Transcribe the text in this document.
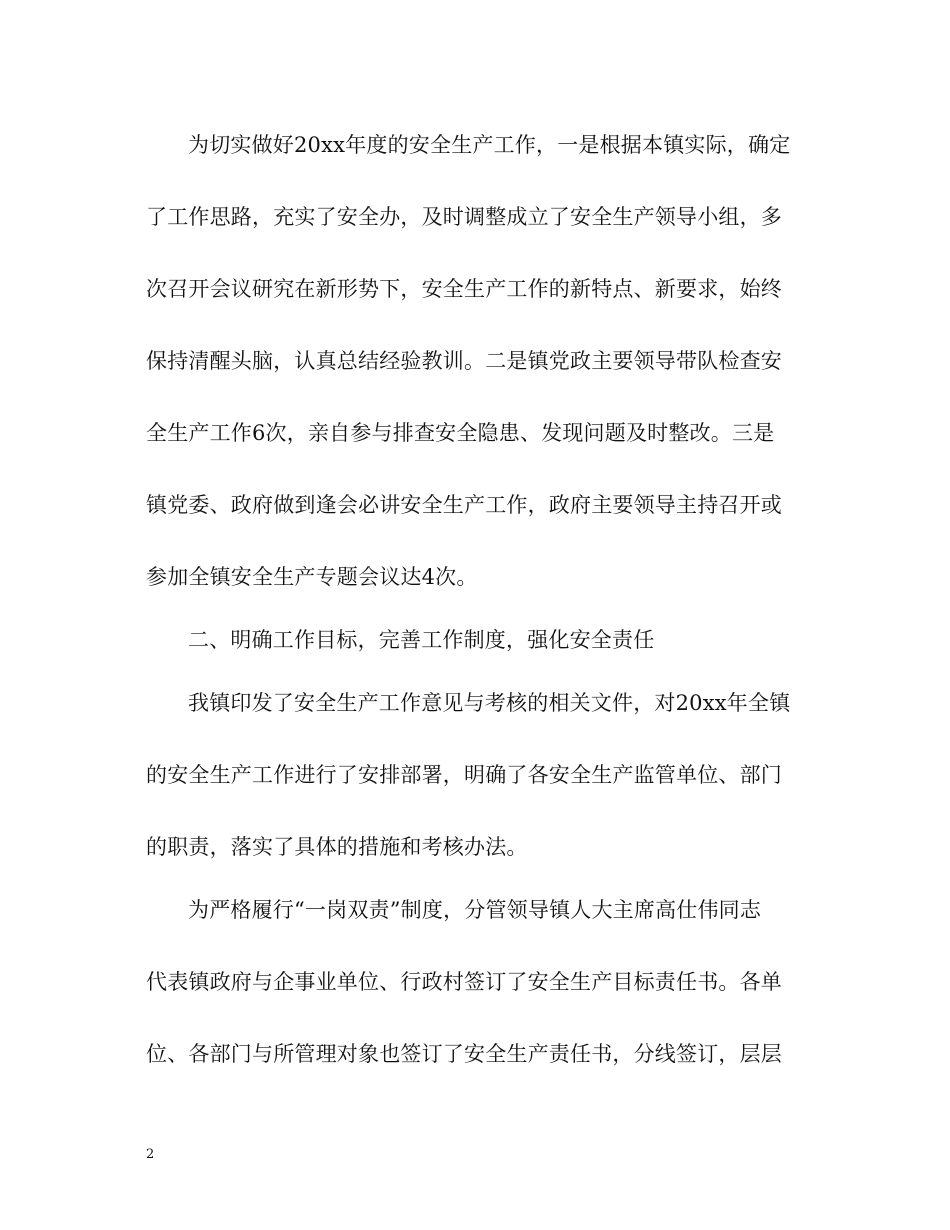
为切实做好20xx年度的安全生产工作，一是根据本镇实际，确定
了工作思路，充实了安全办，及时调整成立了安全生产领导小组，多
次召开会议研究在新形势下，安全生产工作的新特点、新要求，始终
保持清醒头脑，认真总结经验教训。二是镇党政主要领导带队检查安
全生产工作6次，亲自参与排查安全隐患、发现问题及时整改。三是
镇党委、政府做到逢会必讲安全生产工作，政府主要领导主持召开或
参加全镇安全生产专题会议达4次。
二、明确工作目标，完善工作制度，强化安全责任
我镇印发了安全生产工作意见与考核的相关文件，对20xx年全镇
的安全生产工作进行了安排部署，明确了各安全生产监管单位、部门
的职责，落实了具体的措施和考核办法。
为严格履行“一岗双责”制度，分管领导镇人大主席高仕伟同志
代表镇政府与企事业单位、行政村签订了安全生产目标责任书。各单
位、各部门与所管理对象也签订了安全生产责任书，分线签订，层层
2
